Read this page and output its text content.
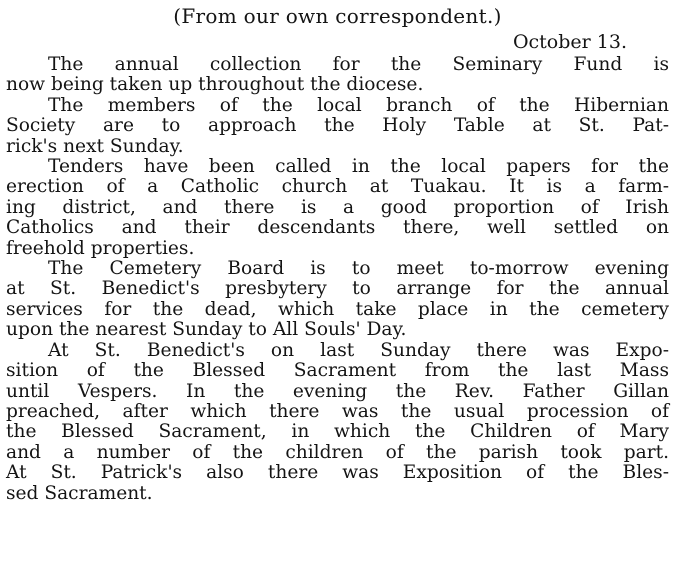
(From our own correspondent.)
October 13.

The annual collection for the Seminary Fund is
now being taken up throughout the diocese.

The members of the local branch of the Hibernian
Society are to approach the Holy Table at St. Pat-
rick's next Sunday.

Tenders have been called in the local papers for the
erection of a Catholic church at Tuakau. It is a farm-
ing district, and there is a good proportion of Irish
Catholics and their descendants there, well settled on
freehold properties.

The Cemetery Board is to meet to-morrow evening
at St. Benedict's presbytery to arrange for the annual
services for the dead, which take place in the cemetery
upon the nearest Sunday to All Souls' Day.

At St. Benedict's on last Sunday there was Expo-
sition of the Blessed Sacrament from the last Mass
until Vespers. In the evening the Rev. Father Gillan
preached, after which there was the usual procession of
the Blessed Sacrament, in which the Children of Mary
and a number of the children of the parish took part.
At St. Patrick's also there was Exposition of the Bles-
sed Sacrament.
